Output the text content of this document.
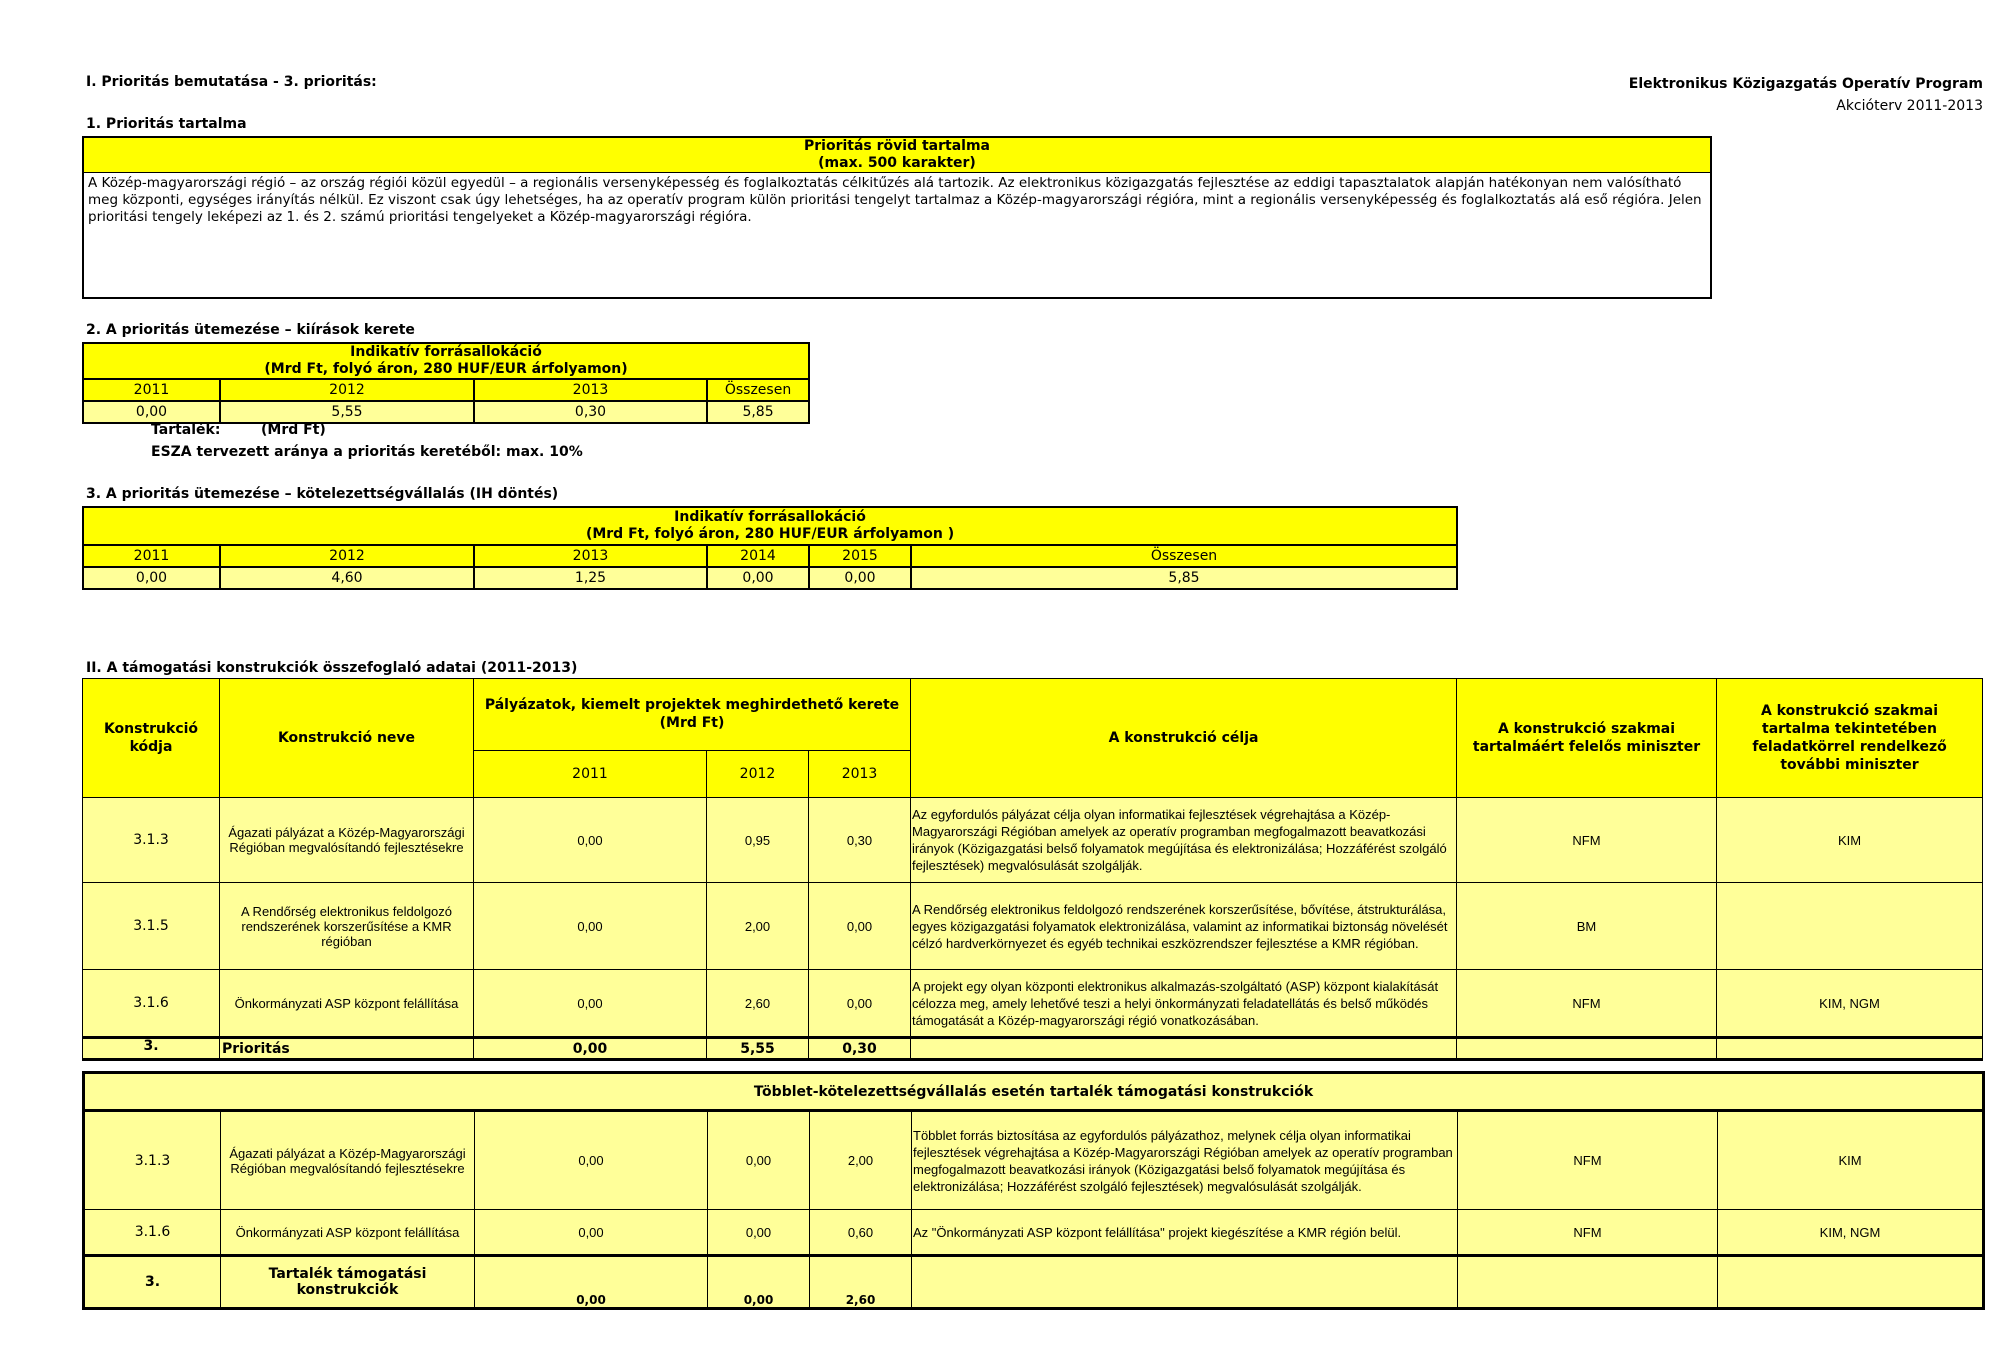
I. Prioritás bemutatása - 3. prioritás:	Elektronikus Közigazgatás Operatív Program
Akcióterv 2011-2013
1. Prioritás tartalma
Prioritás rövid tartalma
(max. 500 karakter)
A Közép-magyarországi régió – az ország régiói közül egyedül – a regionális versenyképesség és foglalkoztatás célkitűzés alá tartozik. Az elektronikus közigazgatás fejlesztése az eddigi tapasztalatok alapján hatékonyan nem valósítható meg központi, egységes irányítás nélkül. Ez viszont csak úgy lehetséges, ha az operatív program külön prioritási tengelyt tartalmaz a Közép-magyarországi régióra, mint a regionális versenyképesség és foglalkoztatás alá eső régióra. Jelen prioritási tengely leképezi az 1. és 2. számú prioritási tengelyeket a Közép-magyarországi régióra.
2. A prioritás ütemezése – kiírások kerete
Indikatív forrásallokáció
(Mrd Ft, folyó áron, 280 HUF/EUR árfolyamon)			

2011	2012	2013	Összesen
0,00	5,55	0,30	5,85
Tartalék:	(Mrd Ft)
ESZA tervezett aránya a prioritás keretéből: max. 10%
3. A prioritás ütemezése – kötelezettségvállalás (IH döntés)
Indikatív forrásallokáció
(Mrd Ft, folyó áron, 280 HUF/EUR árfolyamon )					

2011	2012	2013	2014	2015	Összesen
0,00	4,60	1,25	0,00	0,00	5,85
II. A támogatási konstrukciók összefoglaló adatai (2011-2013)
Konstrukció kódja	Konstrukció neve	Pályázatok, kiemelt projektek meghirdethető kerete (Mrd Ft)			A konstrukció célja	A konstrukció szakmai tartalmáért felelős miniszter	A konstrukció szakmai tartalma tekintetében feladatkörrel rendelkező további miniszter
		2011	2012	2013			
3.1.3	Ágazati pályázat a Közép-Magyarországi Régióban megvalósítandó fejlesztésekre	0,00	0,95	0,30	Az egyfordulós pályázat célja olyan informatikai fejlesztések végrehajtása a Közép-Magyarországi Régióban amelyek az operatív programban megfogalmazott beavatkozási irányok (Közigazgatási belső folyamatok megújítása és elektronizálása; Hozzáférést szolgáló fejlesztések) megvalósulását szolgálják.	NFM	KIM
3.1.5	A Rendőrség elektronikus feldolgozó rendszerének korszerűsítése a KMR régióban	0,00	2,00	0,00	A Rendőrség elektronikus feldolgozó rendszerének korszerűsítése, bővítése, átstrukturálása, egyes közigazgatási folyamatok elektronizálása, valamint az informatikai biztonság növelését célzó hardverkörnyezet és egyéb technikai eszközrendszer fejlesztése a KMR régióban.	BM	
3.1.6	Önkormányzati ASP központ felállítása	0,00	2,60	0,00	A projekt egy olyan központi elektronikus alkalmazás-szolgáltató (ASP) központ kialakítását célozza meg, amely lehetővé teszi a helyi önkormányzati feladatellátás és belső működés támogatását a Közép-magyarországi régió vonatkozásában.	NFM	KIM, NGM
3.	Prioritás	0,00	5,55	0,30			
Többlet-kötelezettségvállalás esetén tartalék támogatási konstrukciók							
3.1.3	Ágazati pályázat a Közép-Magyarországi Régióban megvalósítandó fejlesztésekre	0,00	0,00	2,00	Többlet forrás biztosítása az egyfordulós pályázathoz, melynek célja olyan informatikai fejlesztések végrehajtása a Közép-Magyarországi Régióban amelyek az operatív programban megfogalmazott beavatkozási irányok (Közigazgatási belső folyamatok megújítása és elektronizálása; Hozzáférést szolgáló fejlesztések) megvalósulását szolgálják.	NFM	KIM
3.1.6	Önkormányzati ASP központ felállítása	0,00	0,00	0,60	Az "Önkormányzati ASP központ felállítása" projekt kiegészítése a KMR régión belül.	NFM	KIM, NGM
3.	Tartalék támogatási konstrukciók	0,00	0,00	2,60			
